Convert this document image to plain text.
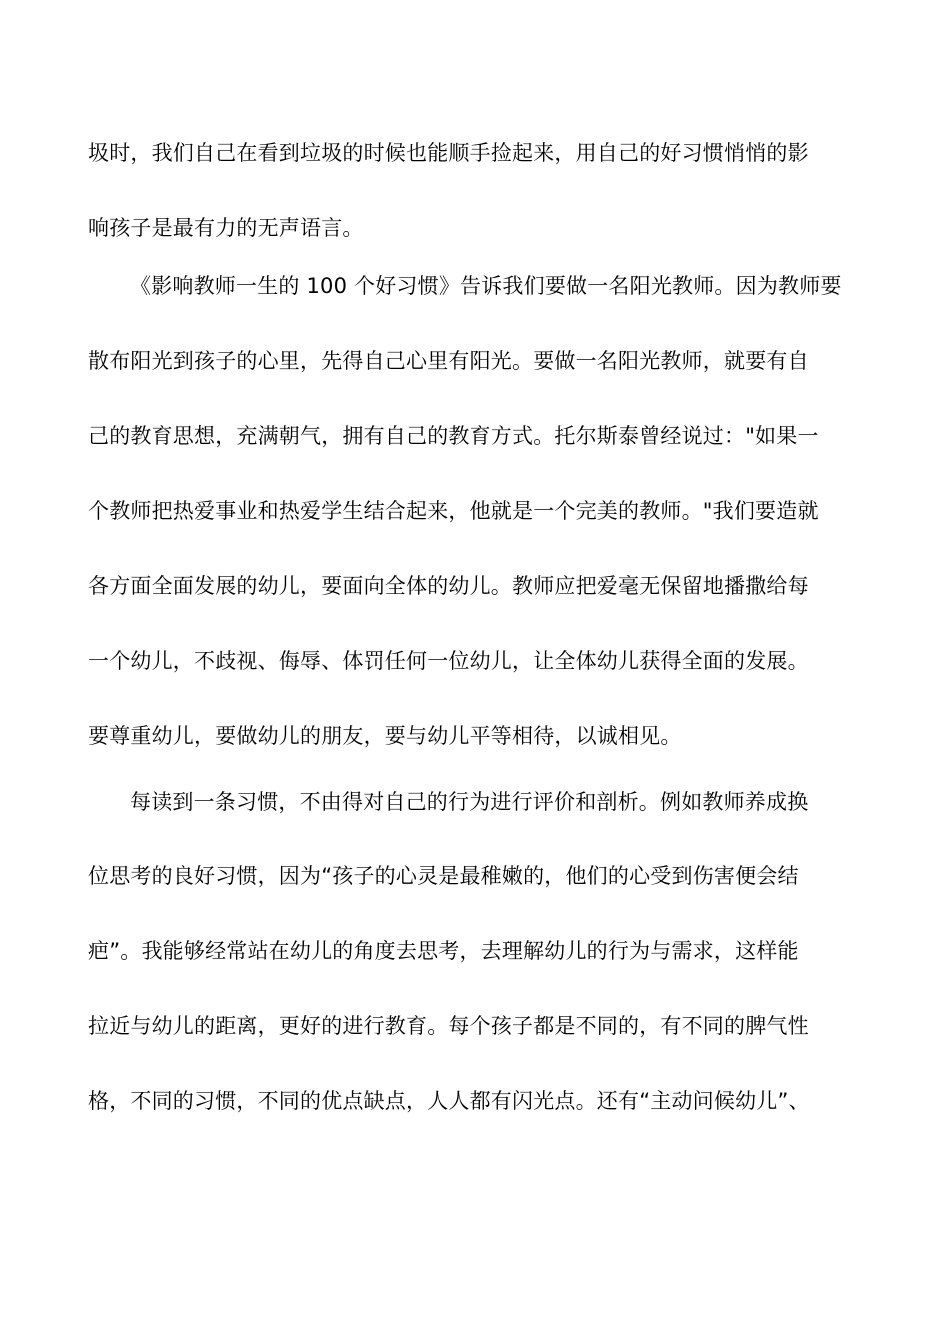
圾时，我们自己在看到垃圾的时候也能顺手捡起来，用自己的好习惯悄悄的影
响孩子是最有力的无声语言。
《影响教师一生的 100 个好习惯》告诉我们要做一名阳光教师。因为教师要
散布阳光到孩子的心里，先得自己心里有阳光。要做一名阳光教师，就要有自
己的教育思想，充满朝气，拥有自己的教育方式。托尔斯泰曾经说过："如果一
个教师把热爱事业和热爱学生结合起来，他就是一个完美的教师。"我们要造就
各方面全面发展的幼儿，要面向全体的幼儿。教师应把爱毫无保留地播撒给每
一个幼儿，不歧视、侮辱、体罚任何一位幼儿，让全体幼儿获得全面的发展。
要尊重幼儿，要做幼儿的朋友，要与幼儿平等相待，以诚相见。
每读到一条习惯，不由得对自己的行为进行评价和剖析。例如教师养成换
位思考的良好习惯，因为“孩子的心灵是最稚嫩的，他们的心受到伤害便会结
疤”。我能够经常站在幼儿的角度去思考，去理解幼儿的行为与需求，这样能
拉近与幼儿的距离，更好的进行教育。每个孩子都是不同的，有不同的脾气性
格，不同的习惯，不同的优点缺点，人人都有闪光点。还有“主动问候幼儿”、
